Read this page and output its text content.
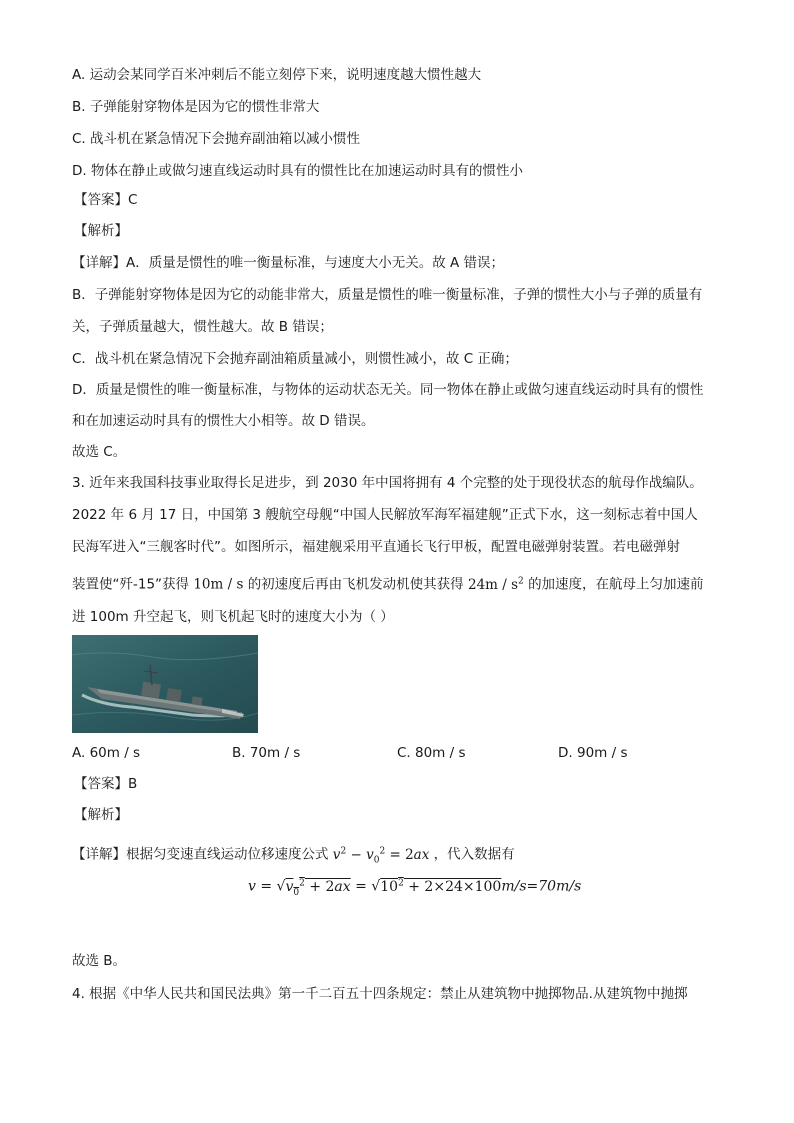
A. 运动会某同学百米冲刺后不能立刻停下来，说明速度越大惯性越大
B. 子弹能射穿物体是因为它的惯性非常大
C. 战斗机在紧急情况下会抛弃副油箱以减小惯性
D. 物体在静止或做匀速直线运动时具有的惯性比在加速运动时具有的惯性小
【答案】C
【解析】
【详解】A．质量是惯性的唯一衡量标准，与速度大小无关。故 A 错误；
B．子弹能射穿物体是因为它的动能非常大，质量是惯性的唯一衡量标准，子弹的惯性大小与子弹的质量有
关，子弹质量越大，惯性越大。故 B 错误；
C．战斗机在紧急情况下会抛弃副油箱质量减小，则惯性减小，故 C 正确；
D．质量是惯性的唯一衡量标准，与物体的运动状态无关。同一物体在静止或做匀速直线运动时具有的惯性
和在加速运动时具有的惯性大小相等。故 D 错误。
故选 C。
3. 近年来我国科技事业取得长足进步，到 2030 年中国将拥有 4 个完整的处于现役状态的航母作战编队。
2022 年 6 月 17 日，中国第 3 艘航空母舰“中国人民解放军海军福建舰”正式下水，这一刻标志着中国人
民海军进入“三舰客时代”。如图所示，福建舰采用平直通长飞行甲板，配置电磁弹射装置。若电磁弹射
装置使“歼-15”获得 10m / s 的初速度后再由飞机发动机使其获得 $24m / s^2$ 的加速度，在航母上匀加速前
进 100m 升空起飞，则飞机起飞时的速度大小为（ ）
A. 60m / s	B. 70m / s	C. 80m / s	D. 90m / s
【答案】B
【解析】
【详解】根据匀变速直线运动位移速度公式 $v^2 - v_0^2 = 2ax$ ，代入数据有
$v = √v_0^2 + 2ax = √10^2 + 2\times 24\times 100m/s=70m/s$
故选 B。
4. 根据《中华人民共和国民法典》第一千二百五十四条规定：禁止从建筑物中抛掷物品.从建筑物中抛掷
